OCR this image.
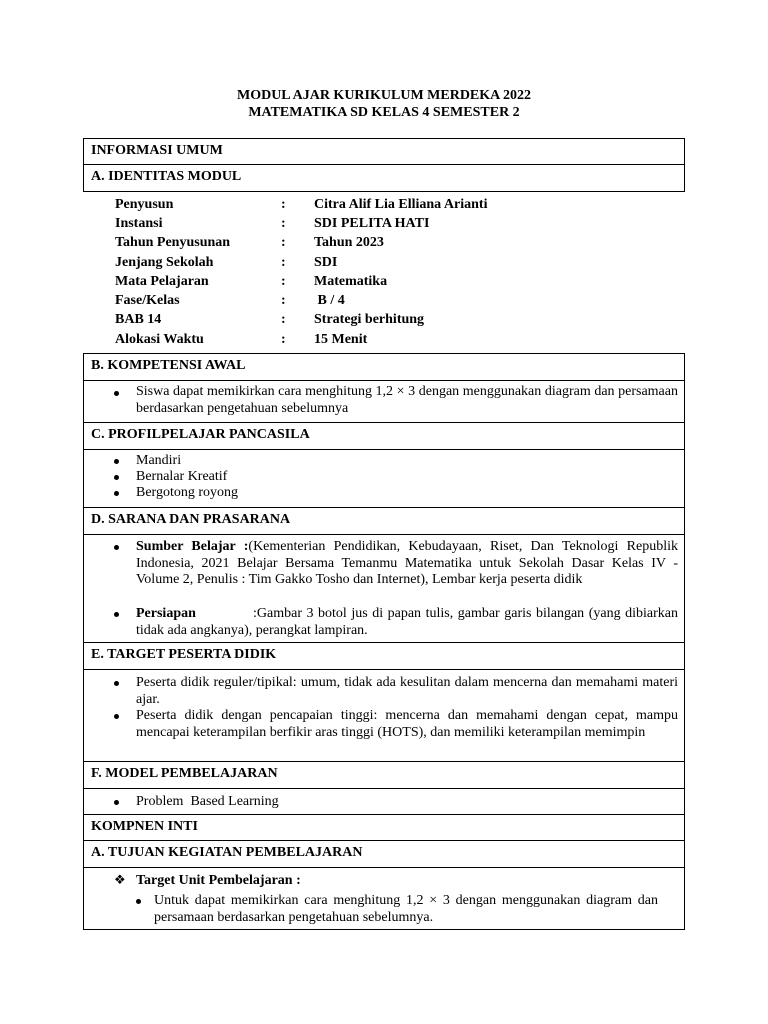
MODUL AJAR KURIKULUM MERDEKA 2022
MATEMATIKA SD KELAS 4 SEMESTER 2
INFORMASI UMUM
A. IDENTITAS MODUL
Penyusun	: Citra Alif Lia Elliana Arianti
Instansi	: SDI PELITA HATI
Tahun Penyusunan	: Tahun 2023
Jenjang Sekolah	: SDI
Mata Pelajaran	: Matematika
Fase/Kelas	: B / 4
BAB 14	: Strategi berhitung
Alokasi Waktu	: 15 Menit
B. KOMPETENSI AWAL
Siswa dapat memikirkan cara menghitung 1,2 × 3 dengan menggunakan diagram dan persamaan berdasarkan pengetahuan sebelumnya
C. PROFILPELAJAR PANCASILA
Mandiri
Bernalar Kreatif
Bergotong royong
D. SARANA DAN PRASARANA
Sumber Belajar :(Kementerian Pendidikan, Kebudayaan, Riset, Dan Teknologi Republik Indonesia, 2021 Belajar Bersama Temanmu Matematika untuk Sekolah Dasar Kelas IV - Volume 2, Penulis : Tim Gakko Tosho dan Internet), Lembar kerja peserta didik
Persiapan	:Gambar 3 botol jus di papan tulis, gambar garis bilangan (yang dibiarkan tidak ada angkanya), perangkat lampiran.
E. TARGET PESERTA DIDIK
Peserta didik reguler/tipikal: umum, tidak ada kesulitan dalam mencerna dan memahami materi ajar.
Peserta didik dengan pencapaian tinggi: mencerna dan memahami dengan cepat, mampu mencapai keterampilan berfikir aras tinggi (HOTS), dan memiliki keterampilan memimpin
F. MODEL PEMBELAJARAN
Problem  Based Learning
KOMPNEN INTI
A. TUJUAN KEGIATAN PEMBELAJARAN
❖ Target Unit Pembelajaran :
Untuk dapat memikirkan cara menghitung 1,2 × 3 dengan menggunakan diagram dan persamaan berdasarkan pengetahuan sebelumnya.
